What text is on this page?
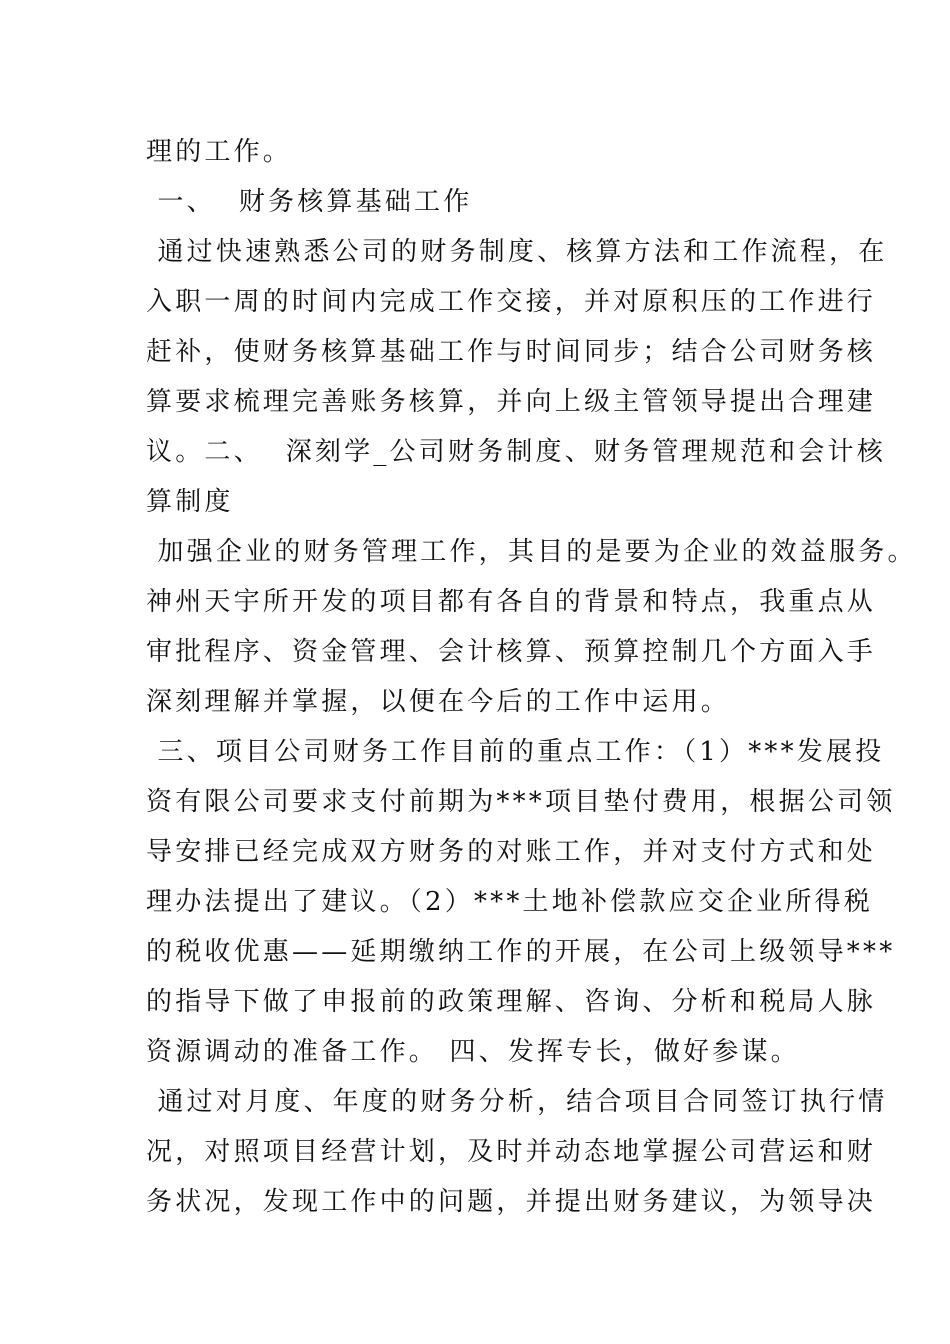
理的工作。

一、  财务核算基础工作

通过快速熟悉公司的财务制度、核算方法和工作流程，在

入职一周的时间内完成工作交接，并对原积压的工作进行

赶补，使财务核算基础工作与时间同步；结合公司财务核

算要求梳理完善账务核算，并向上级主管领导提出合理建

议。二、  深刻学_公司财务制度、财务管理规范和会计核

算制度

加强企业的财务管理工作，其目的是要为企业的效益服务。

神州天宇所开发的项目都有各自的背景和特点，我重点从

审批程序、资金管理、会计核算、预算控制几个方面入手

深刻理解并掌握，以便在今后的工作中运用。

三、项目公司财务工作目前的重点工作：（1）***发展投

资有限公司要求支付前期为***项目垫付费用，根据公司领

导安排已经完成双方财务的对账工作，并对支付方式和处

理办法提出了建议。（2）***土地补偿款应交企业所得税

的税收优惠——延期缴纳工作的开展，在公司上级领导***

的指导下做了申报前的政策理解、咨询、分析和税局人脉

资源调动的准备工作。 四、发挥专长，做好参谋。

通过对月度、年度的财务分析，结合项目合同签订执行情

况，对照项目经营计划，及时并动态地掌握公司营运和财

务状况，发现工作中的问题，并提出财务建议，为领导决
